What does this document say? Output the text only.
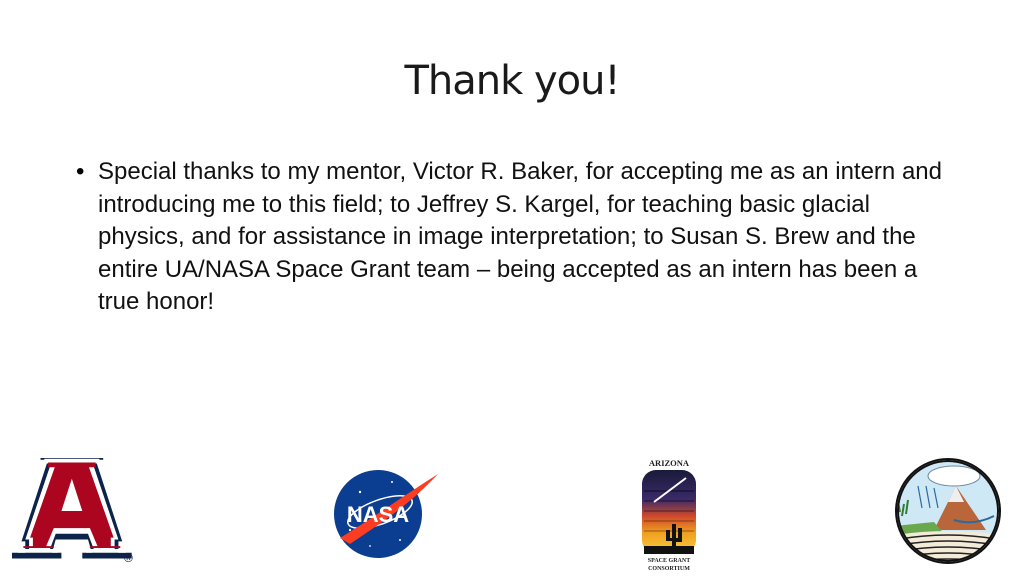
Thank you!
• Special thanks to my mentor, Victor R. Baker, for accepting me as an intern and introducing me to this field; to Jeffrey S. Kargel, for teaching basic glacial physics, and for assistance in image interpretation; to Susan S. Brew and the entire UA/NASA Space Grant team – being accepted as an intern has been a true honor!
®
NASA
ARIZONA
SPACE GRANT
CONSORTIUM
